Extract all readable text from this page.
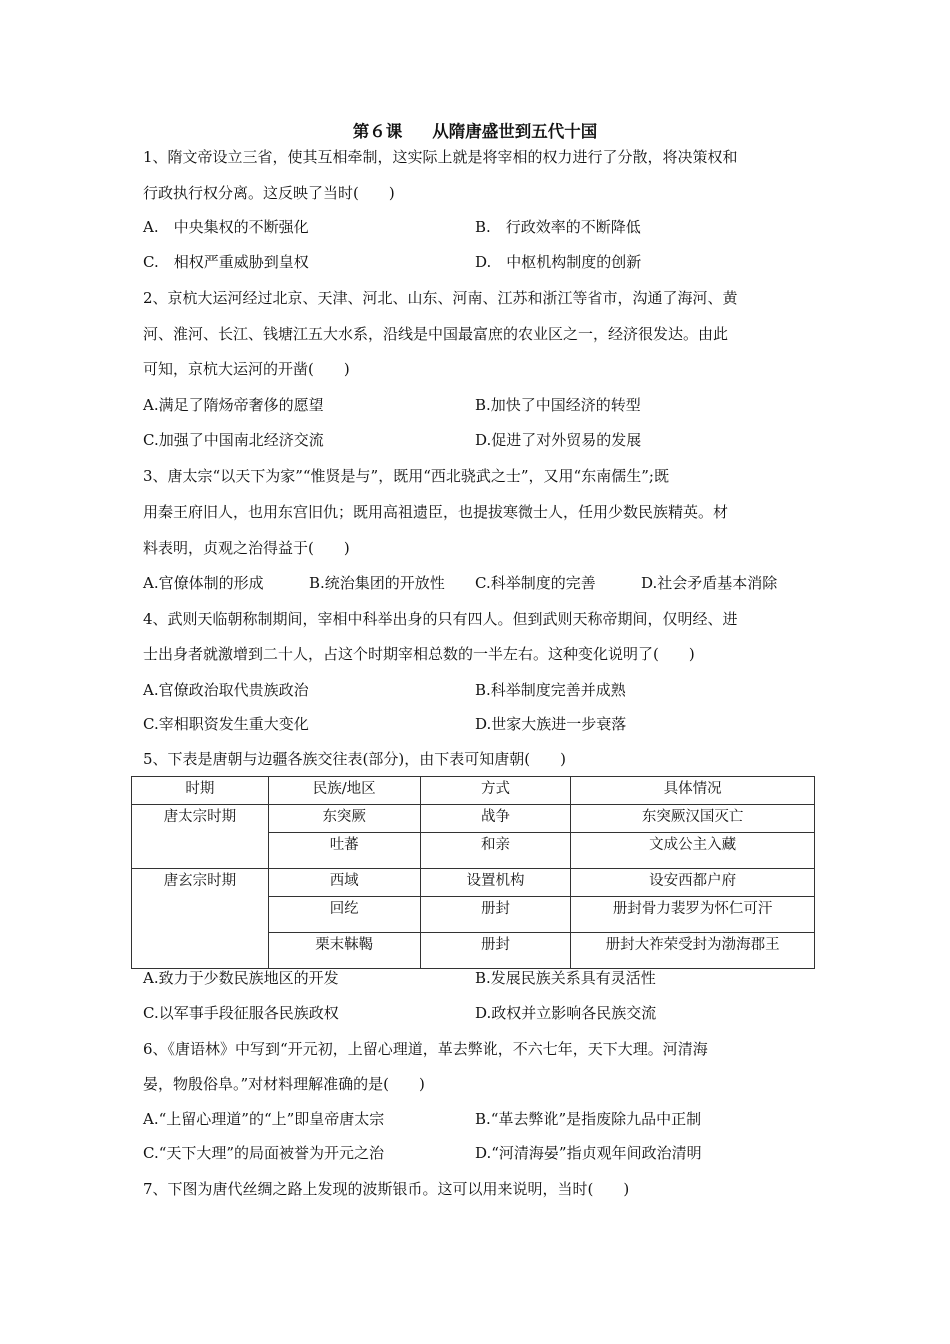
第６课 从隋唐盛世到五代十国
1、隋文帝设立三省，使其互相牵制，这实际上就是将宰相的权力进行了分散，将决策权和
行政执行权分离。这反映了当时(　　)
A.　中央集权的不断强化	B.　行政效率的不断降低
C.　相权严重威胁到皇权	D.　中枢机构制度的创新
2、京杭大运河经过北京、天津、河北、山东、河南、江苏和浙江等省市，沟通了海河、黄
河、淮河、长江、钱塘江五大水系，沿线是中国最富庶的农业区之一，经济很发达。由此
可知，京杭大运河的开凿(　　)
A.满足了隋炀帝奢侈的愿望	B.加快了中国经济的转型
C.加强了中国南北经济交流	D.促进了对外贸易的发展
3、唐太宗“以天下为家”“惟贤是与”，既用“西北骁武之士”，又用“东南儒生”;既
用秦王府旧人，也用东宫旧仇；既用高祖遗臣，也提拔寒微士人，任用少数民族精英。材
料表明，贞观之治得益于(　　)
A.官僚体制的形成	B.统治集团的开放性 C.科举制度的完善	D.社会矛盾基本消除
4、武则天临朝称制期间，宰相中科举出身的只有四人。但到武则天称帝期间，仅明经、进
士出身者就激增到二十人，占这个时期宰相总数的一半左右。这种变化说明了(　　)
A.官僚政治取代贵族政治	B.科举制度完善并成熟
C.宰相职资发生重大变化	D.世家大族进一步衰落
5、下表是唐朝与边疆各族交往表(部分)，由下表可知唐朝(　　)
时期	民族/地区	方式	具体情况
唐太宗时期	东突厥	战争	东突厥汉国灭亡
	吐蕃	和亲	文成公主入藏
唐玄宗时期	西域	设置机构	设安西都户府
	回纥	册封	册封骨力裴罗为怀仁可汗
	栗末靺鞨	册封	册封大祚荣受封为渤海郡王
A.致力于少数民族地区的开发	B.发展民族关系具有灵活性
C.以军事手段征服各民族政权	D.政权并立影响各民族交流
6、《唐语林》中写到“开元初，上留心理道，革去弊讹，不六七年，天下大理。河清海
晏，物殷俗阜。”对材料理解准确的是(　　)
A.“上留心理道”的“上”即皇帝唐太宗	B.“革去弊讹”是指废除九品中正制
C.“天下大理”的局面被誉为开元之治	D.“河清海晏”指贞观年间政治清明
7、下图为唐代丝绸之路上发现的波斯银币。这可以用来说明，当时(　　)
